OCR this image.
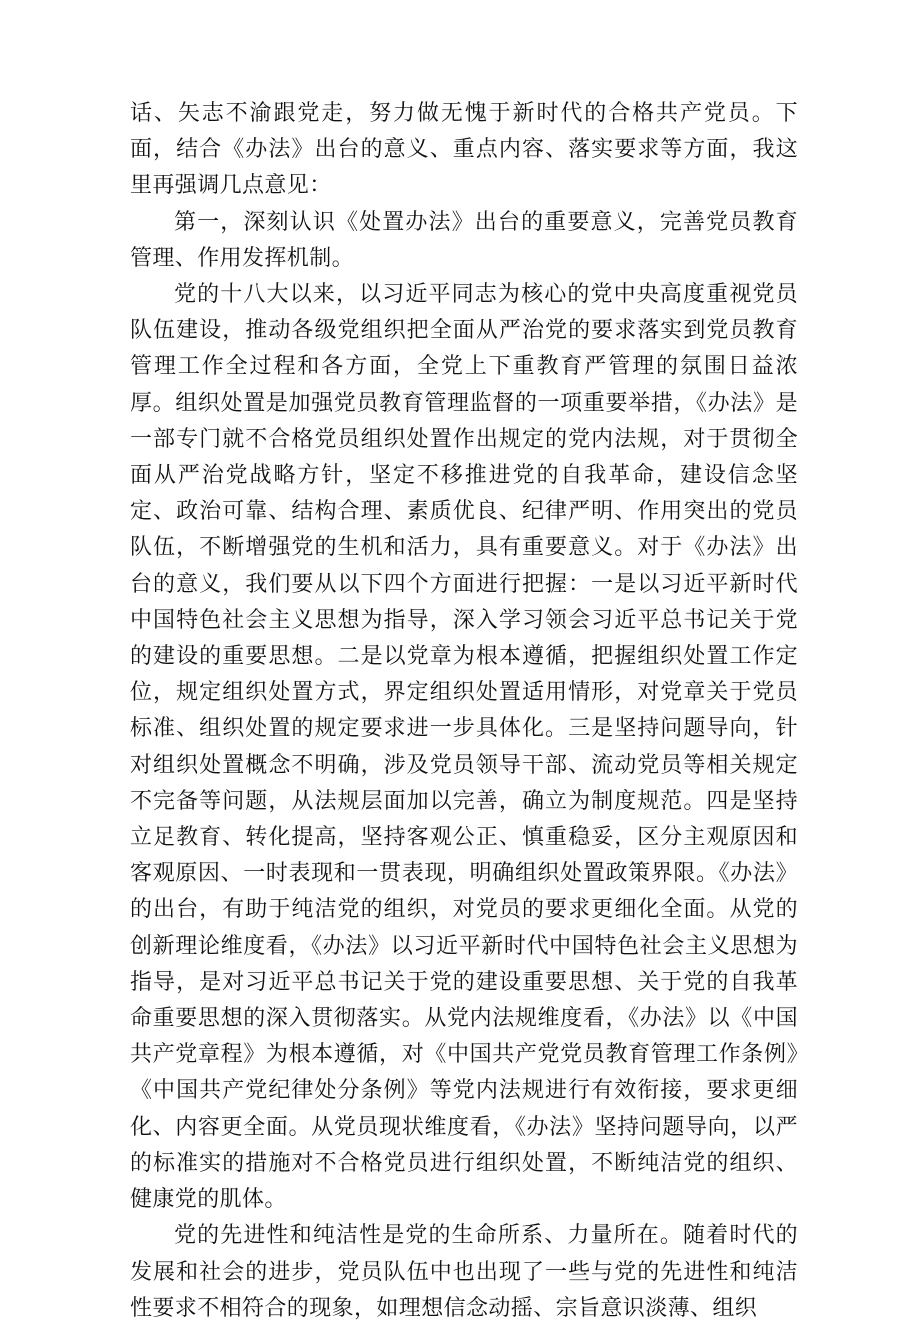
话、矢志不渝跟党走，努力做无愧于新时代的合格共产党员。下面，结合《办法》出台的意义、重点内容、落实要求等方面，我这里再强调几点意见：

第一，深刻认识《处置办法》出台的重要意义，完善党员教育管理、作用发挥机制。

党的十八大以来，以习近平同志为核心的党中央高度重视党员队伍建设，推动各级党组织把全面从严治党的要求落实到党员教育管理工作全过程和各方面，全党上下重教育严管理的氛围日益浓厚。组织处置是加强党员教育管理监督的一项重要举措，《办法》是一部专门就不合格党员组织处置作出规定的党内法规，对于贯彻全面从严治党战略方针，坚定不移推进党的自我革命，建设信念坚定、政治可靠、结构合理、素质优良、纪律严明、作用突出的党员队伍，不断增强党的生机和活力，具有重要意义。对于《办法》出台的意义，我们要从以下四个方面进行把握：一是以习近平新时代中国特色社会主义思想为指导，深入学习领会习近平总书记关于党的建设的重要思想。二是以党章为根本遵循，把握组织处置工作定位，规定组织处置方式，界定组织处置适用情形，对党章关于党员标准、组织处置的规定要求进一步具体化。三是坚持问题导向，针对组织处置概念不明确，涉及党员领导干部、流动党员等相关规定不完备等问题，从法规层面加以完善，确立为制度规范。四是坚持立足教育、转化提高，坚持客观公正、慎重稳妥，区分主观原因和客观原因、一时表现和一贯表现，明确组织处置政策界限。《办法》的出台，有助于纯洁党的组织，对党员的要求更细化全面。从党的创新理论维度看，《办法》以习近平新时代中国特色社会主义思想为指导，是对习近平总书记关于党的建设重要思想、关于党的自我革命重要思想的深入贯彻落实。从党内法规维度看，《办法》以《中国共产党章程》为根本遵循，对《中国共产党党员教育管理工作条例》《中国共产党纪律处分条例》等党内法规进行有效衔接，要求更细化、内容更全面。从党员现状维度看，《办法》坚持问题导向，以严的标准实的措施对不合格党员进行组织处置，不断纯洁党的组织、健康党的肌体。

党的先进性和纯洁性是党的生命所系、力量所在。随着时代的发展和社会的进步，党员队伍中也出现了一些与党的先进性和纯洁性要求不相符合的现象，如理想信念动摇、宗旨意识淡薄、组织
